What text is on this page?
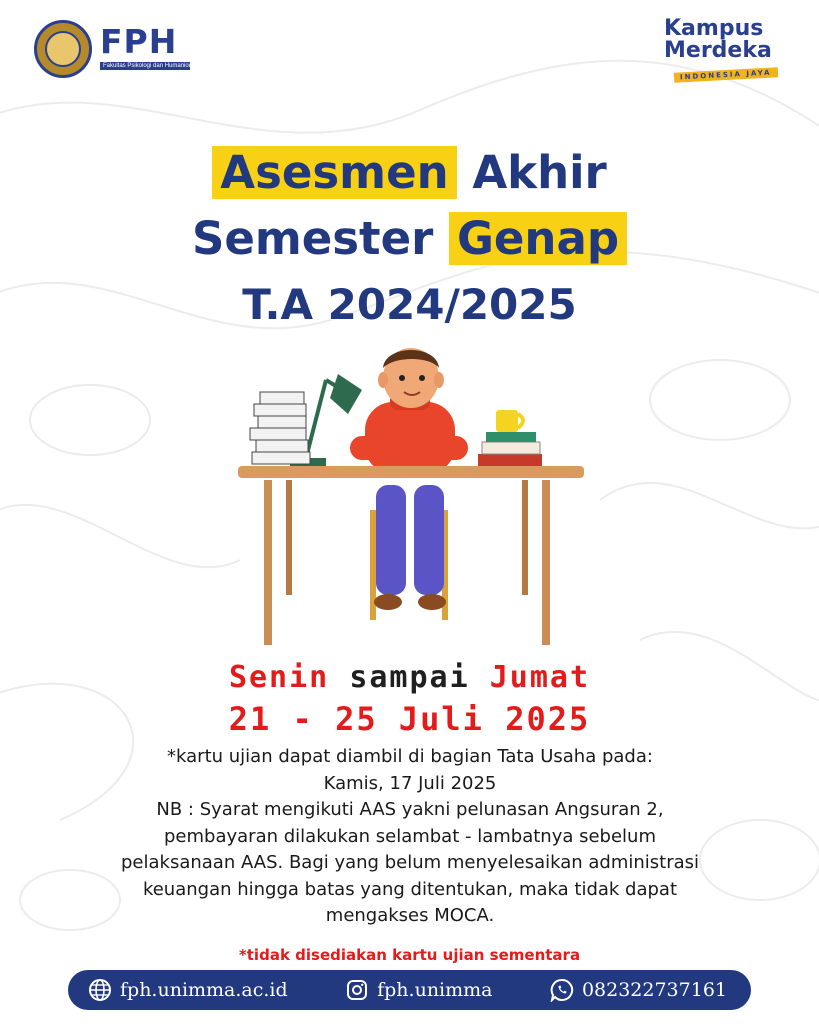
FPH
Fakultas Psikologi dan Humaniora
Kampus
Merdeka
INDONESIA JAYA
Asesmen Akhir
Semester Genap
T.A 2024/2025
Senin sampai Jumat
21 - 25 Juli 2025

*kartu ujian dapat diambil di bagian Tata Usaha pada:

Kamis, 17 Juli 2025

NB : Syarat mengikuti AAS yakni pelunasan Angsuran 2,

pembayaran dilakukan selambat - lambatnya sebelum

pelaksanaan AAS. Bagi yang belum menyelesaikan administrasi

keuangan hingga batas yang ditentukan, maka tidak dapat

mengakses MOCA.

*tidak disediakan kartu ujian sementara
fph.unimma.ac.id	fph.unimma	082322737161
